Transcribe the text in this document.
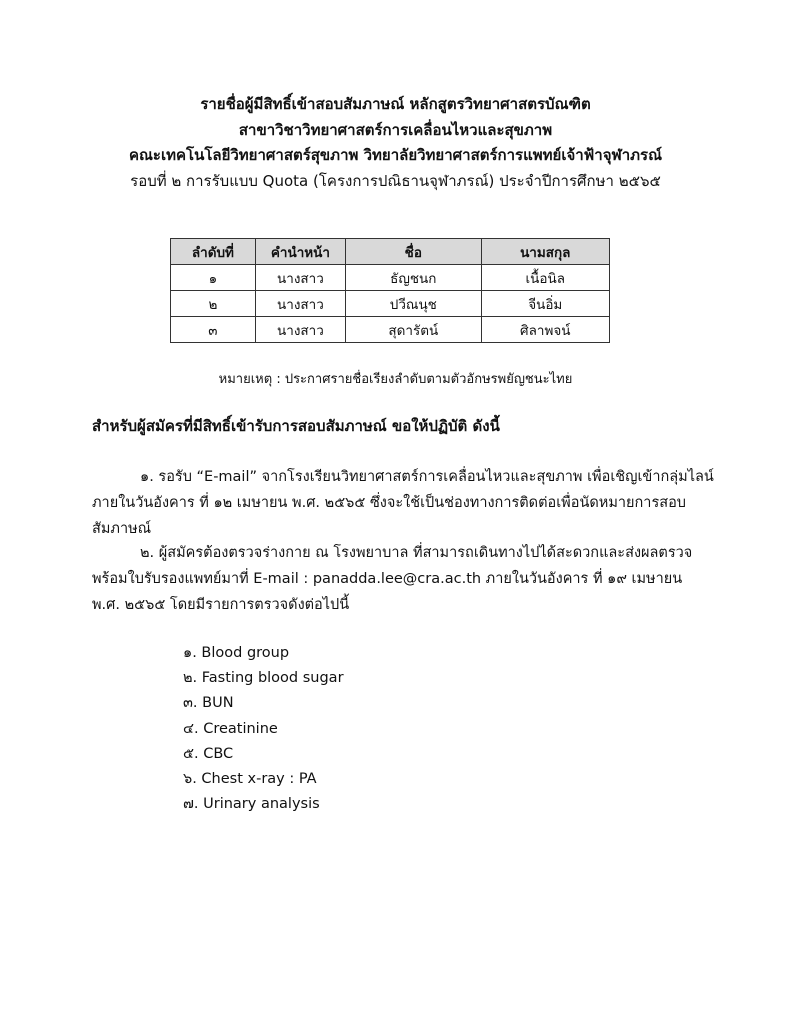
รายชื่อผู้มีสิทธิ์เข้าสอบสัมภาษณ์ หลักสูตรวิทยาศาสตรบัณฑิต
สาขาวิชาวิทยาศาสตร์การเคลื่อนไหวและสุขภาพ
คณะเทคโนโลยีวิทยาศาสตร์สุขภาพ วิทยาลัยวิทยาศาสตร์การแพทย์เจ้าฟ้าจุฬาภรณ์
รอบที่ ๒ การรับแบบ Quota (โครงการปณิธานจุฬาภรณ์) ประจำปีการศึกษา ๒๕๖๕
ลำดับที่	คำนำหน้า	ชื่อ	นามสกุล
๑	นางสาว	ธัญชนก	เนื้อนิล
๒	นางสาว	ปวีณนุช	จีนอิ่ม
๓	นางสาว	สุดารัตน์	ศิลาพจน์
หมายเหตุ : ประกาศรายชื่อเรียงลำดับตามตัวอักษรพยัญชนะไทย
สำหรับผู้สมัครที่มีสิทธิ์เข้ารับการสอบสัมภาษณ์ ขอให้ปฏิบัติ ดังนี้
๑. รอรับ “E-mail” จากโรงเรียนวิทยาศาสตร์การเคลื่อนไหวและสุขภาพ เพื่อเชิญเข้ากลุ่มไลน์
ภายในวันอังคาร ที่ ๑๒ เมษายน พ.ศ. ๒๕๖๕ ซึ่งจะใช้เป็นช่องทางการติดต่อเพื่อนัดหมายการสอบ
สัมภาษณ์
๒. ผู้สมัครต้องตรวจร่างกาย ณ โรงพยาบาล ที่สามารถเดินทางไปได้สะดวกและส่งผลตรวจ
พร้อมใบรับรองแพทย์มาที่ E-mail : panadda.lee@cra.ac.th ภายในวันอังคาร ที่ ๑๙ เมษายน
พ.ศ. ๒๕๖๕ โดยมีรายการตรวจดังต่อไปนี้
๑. Blood group
๒. Fasting blood sugar
๓. BUN
๔. Creatinine
๕. CBC
๖. Chest x-ray : PA
๗. Urinary analysis
